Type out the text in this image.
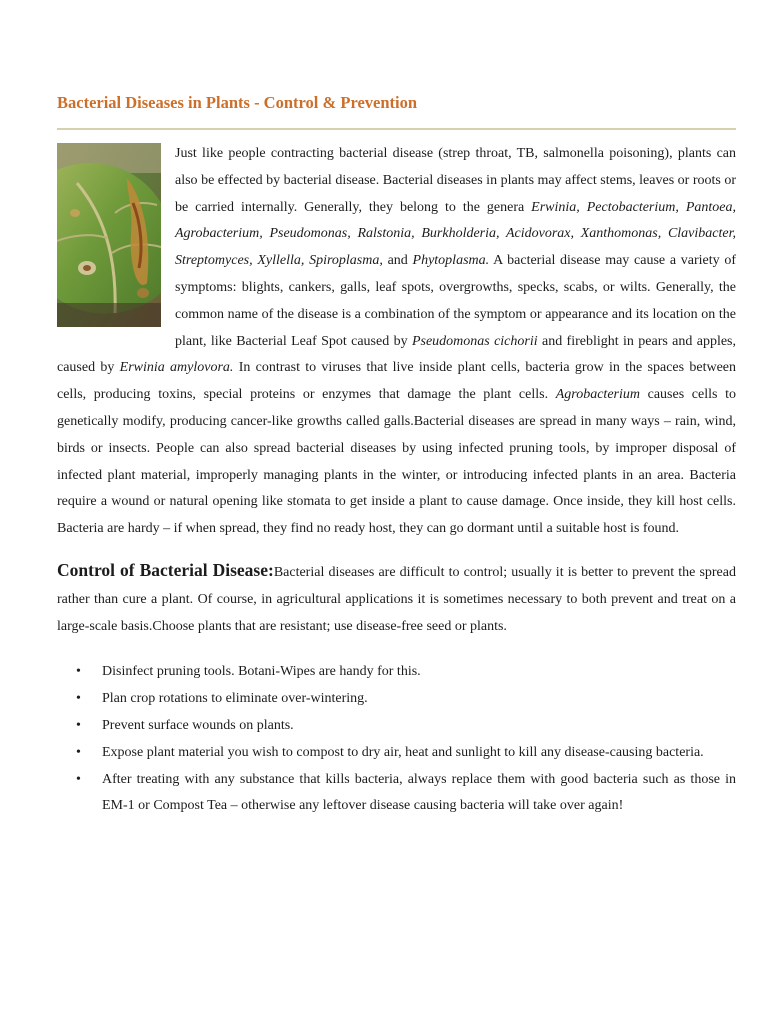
Bacterial Diseases in Plants - Control & Prevention

Just like people contracting bacterial disease (strep throat, TB, salmonella poisoning), plants can also be effected by bacterial disease. Bacterial diseases in plants may affect stems, leaves or roots or be carried internally. Generally, they belong to the genera Erwinia, Pectobacterium, Pantoea, Agrobacterium, Pseudomonas, Ralstonia, Burkholderia, Acidovorax, Xanthomonas, Clavibacter, Streptomyces, Xyllella, Spiroplasma, and Phytoplasma. A bacterial disease may cause a variety of symptoms: blights, cankers, galls, leaf spots, overgrowths, specks, scabs, or wilts. Generally, the common name of the disease is a combination of the symptom or appearance and its location on the plant, like Bacterial Leaf Spot caused by Pseudomonas cichorii and fireblight in pears and apples, caused by Erwinia amylovora. In contrast to viruses that live inside plant cells, bacteria grow in the spaces between cells, producing toxins, special proteins or enzymes that damage the plant cells. Agrobacterium causes cells to genetically modify, producing cancer-like growths called galls.Bacterial diseases are spread in many ways – rain, wind, birds or insects. People can also spread bacterial diseases by using infected pruning tools, by improper disposal of infected plant material, improperly managing plants in the winter, or introducing infected plants in an area. Bacteria require a wound or natural opening like stomata to get inside a plant to cause damage. Once inside, they kill host cells. Bacteria are hardy – if when spread, they find no ready host, they can go dormant until a suitable host is found.

Control of Bacterial Disease:Bacterial diseases are difficult to control; usually it is better to prevent the spread rather than cure a plant. Of course, in agricultural applications it is sometimes necessary to both prevent and treat on a large-scale basis.Choose plants that are resistant; use disease-free seed or plants.

• Disinfect pruning tools. Botani-Wipes are handy for this.
• Plan crop rotations to eliminate over-wintering.
• Prevent surface wounds on plants.
• Expose plant material you wish to compost to dry air, heat and sunlight to kill any disease-causing bacteria.
• After treating with any substance that kills bacteria, always replace them with good bacteria such as those in EM-1 or Compost Tea – otherwise any leftover disease causing bacteria will take over again!
